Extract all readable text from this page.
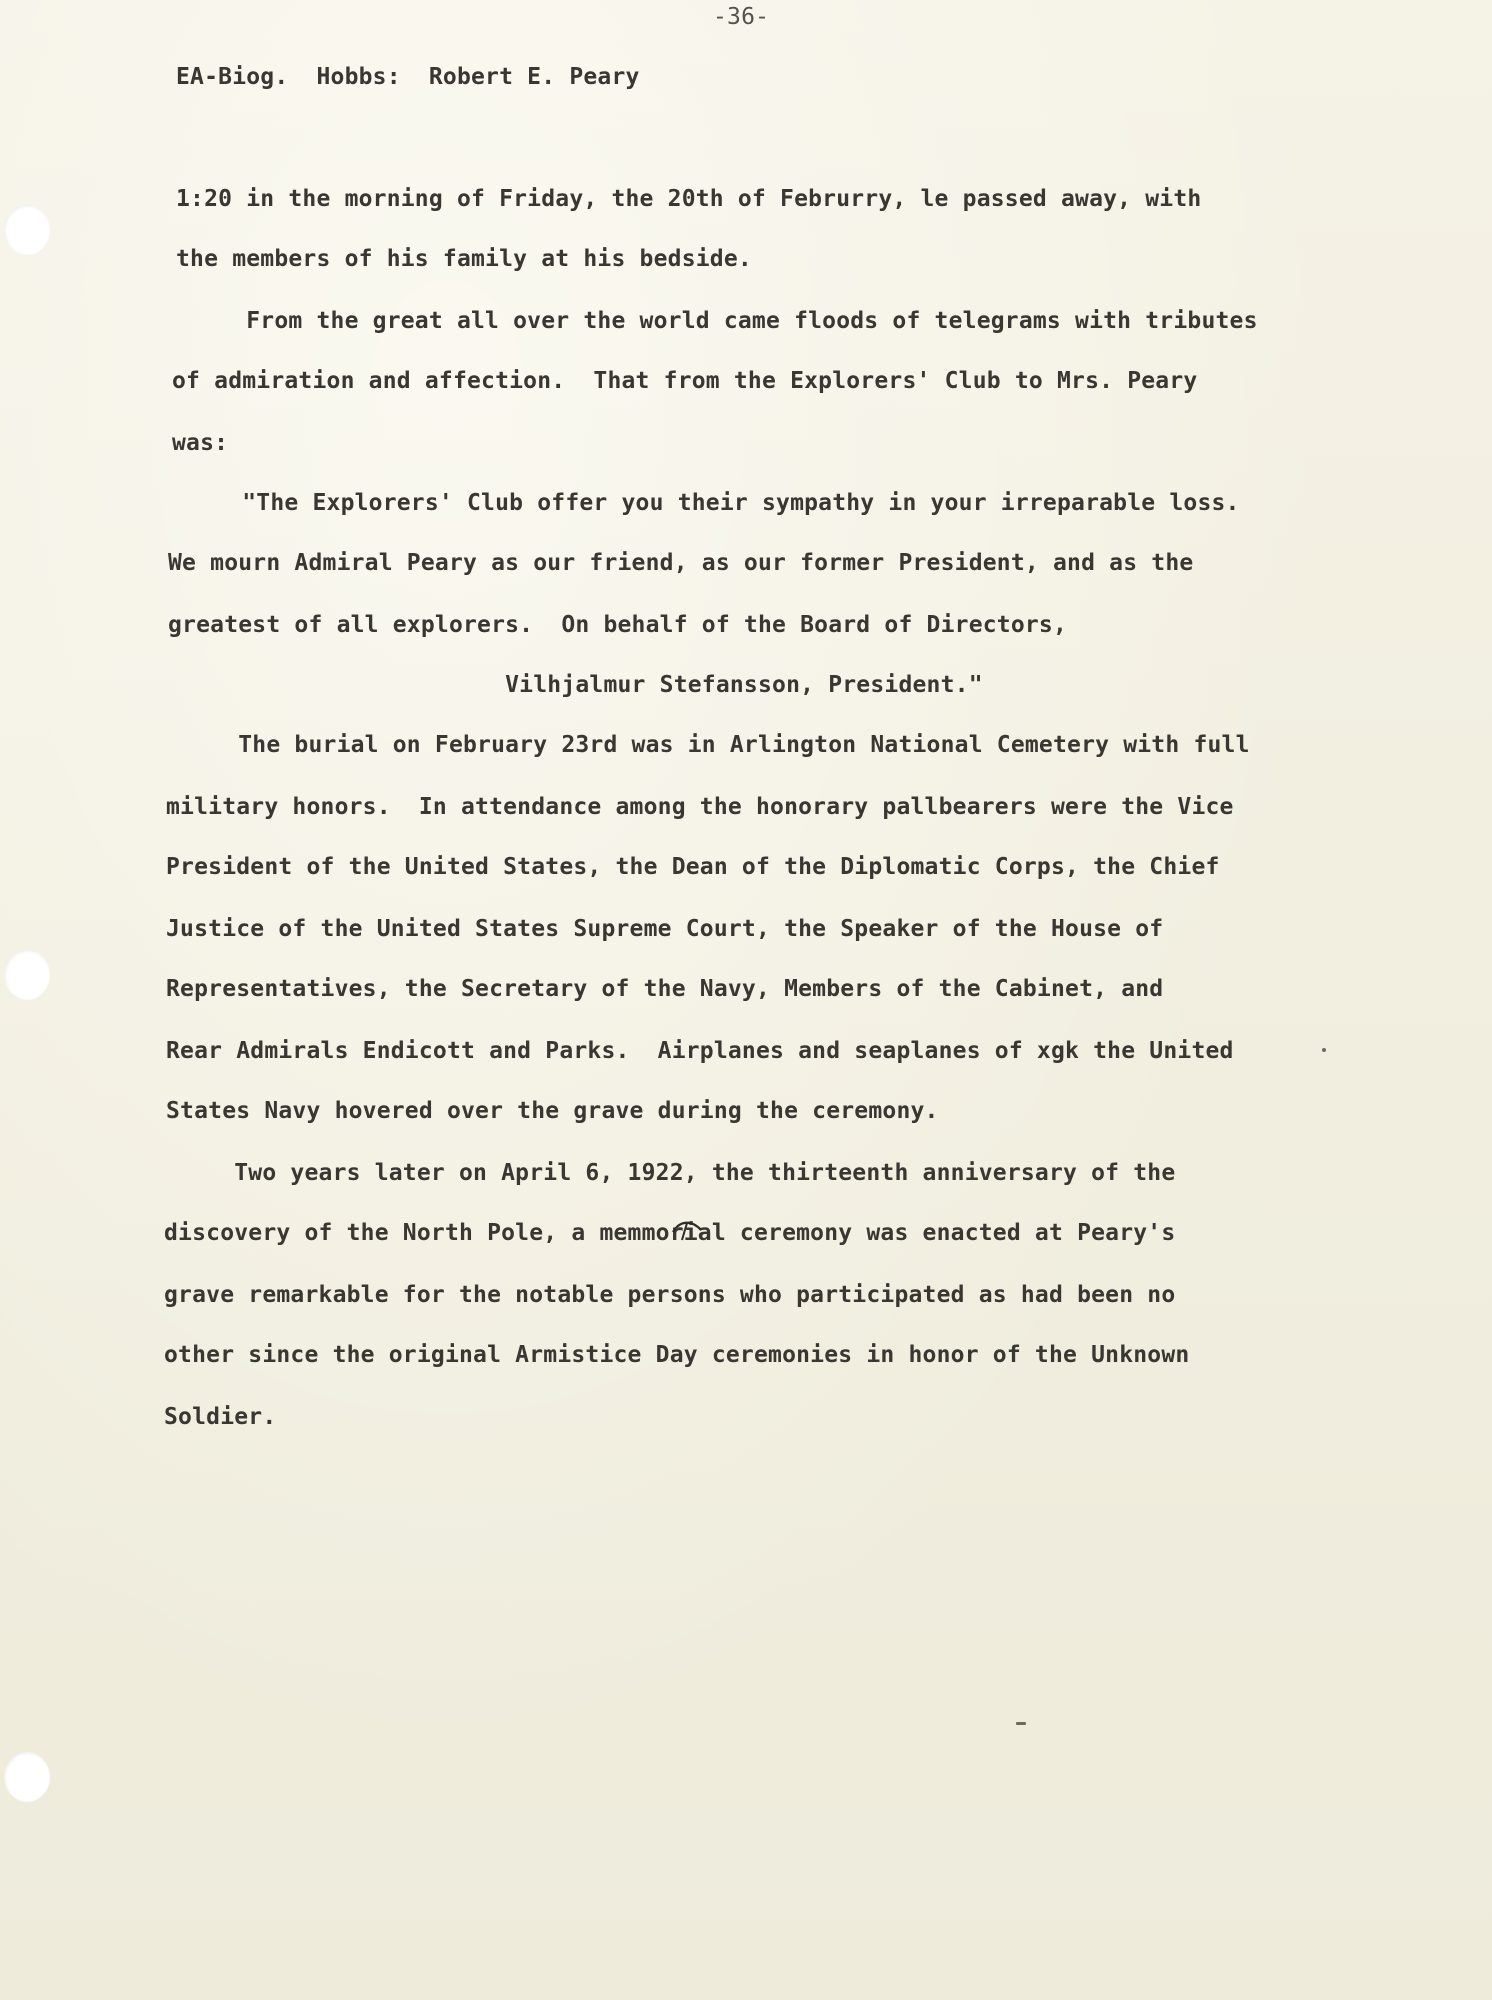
-36-
EA-Biog.  Hobbs:  Robert E. Peary
1:20 in the morning of Friday, the 20th of Februrry, le passed away, with
the members of his family at his bedside.
From the great all over the world came floods of telegrams with tributes
of admiration and affection.  That from the Explorers' Club to Mrs. Peary
was:
"The Explorers' Club offer you their sympathy in your irreparable loss.
We mourn Admiral Peary as our friend, as our former President, and as the
greatest of all explorers.  On behalf of the Board of Directors,
Vilhjalmur Stefansson, President."
The burial on February 23rd was in Arlington National Cemetery with full
military honors.  In attendance among the honorary pallbearers were the Vice
President of the United States, the Dean of the Diplomatic Corps, the Chief
Justice of the United States Supreme Court, the Speaker of the House of
Representatives, the Secretary of the Navy, Members of the Cabinet, and
Rear Admirals Endicott and Parks.  Airplanes and seaplanes of xgk the United
States Navy hovered over the grave during the ceremony.
Two years later on April 6, 1922, the thirteenth anniversary of the
discovery of the North Pole, a memmorial ceremony was enacted at Peary's
grave remarkable for the notable persons who participated as had been no
other since the original Armistice Day ceremonies in honor of the Unknown
Soldier.
